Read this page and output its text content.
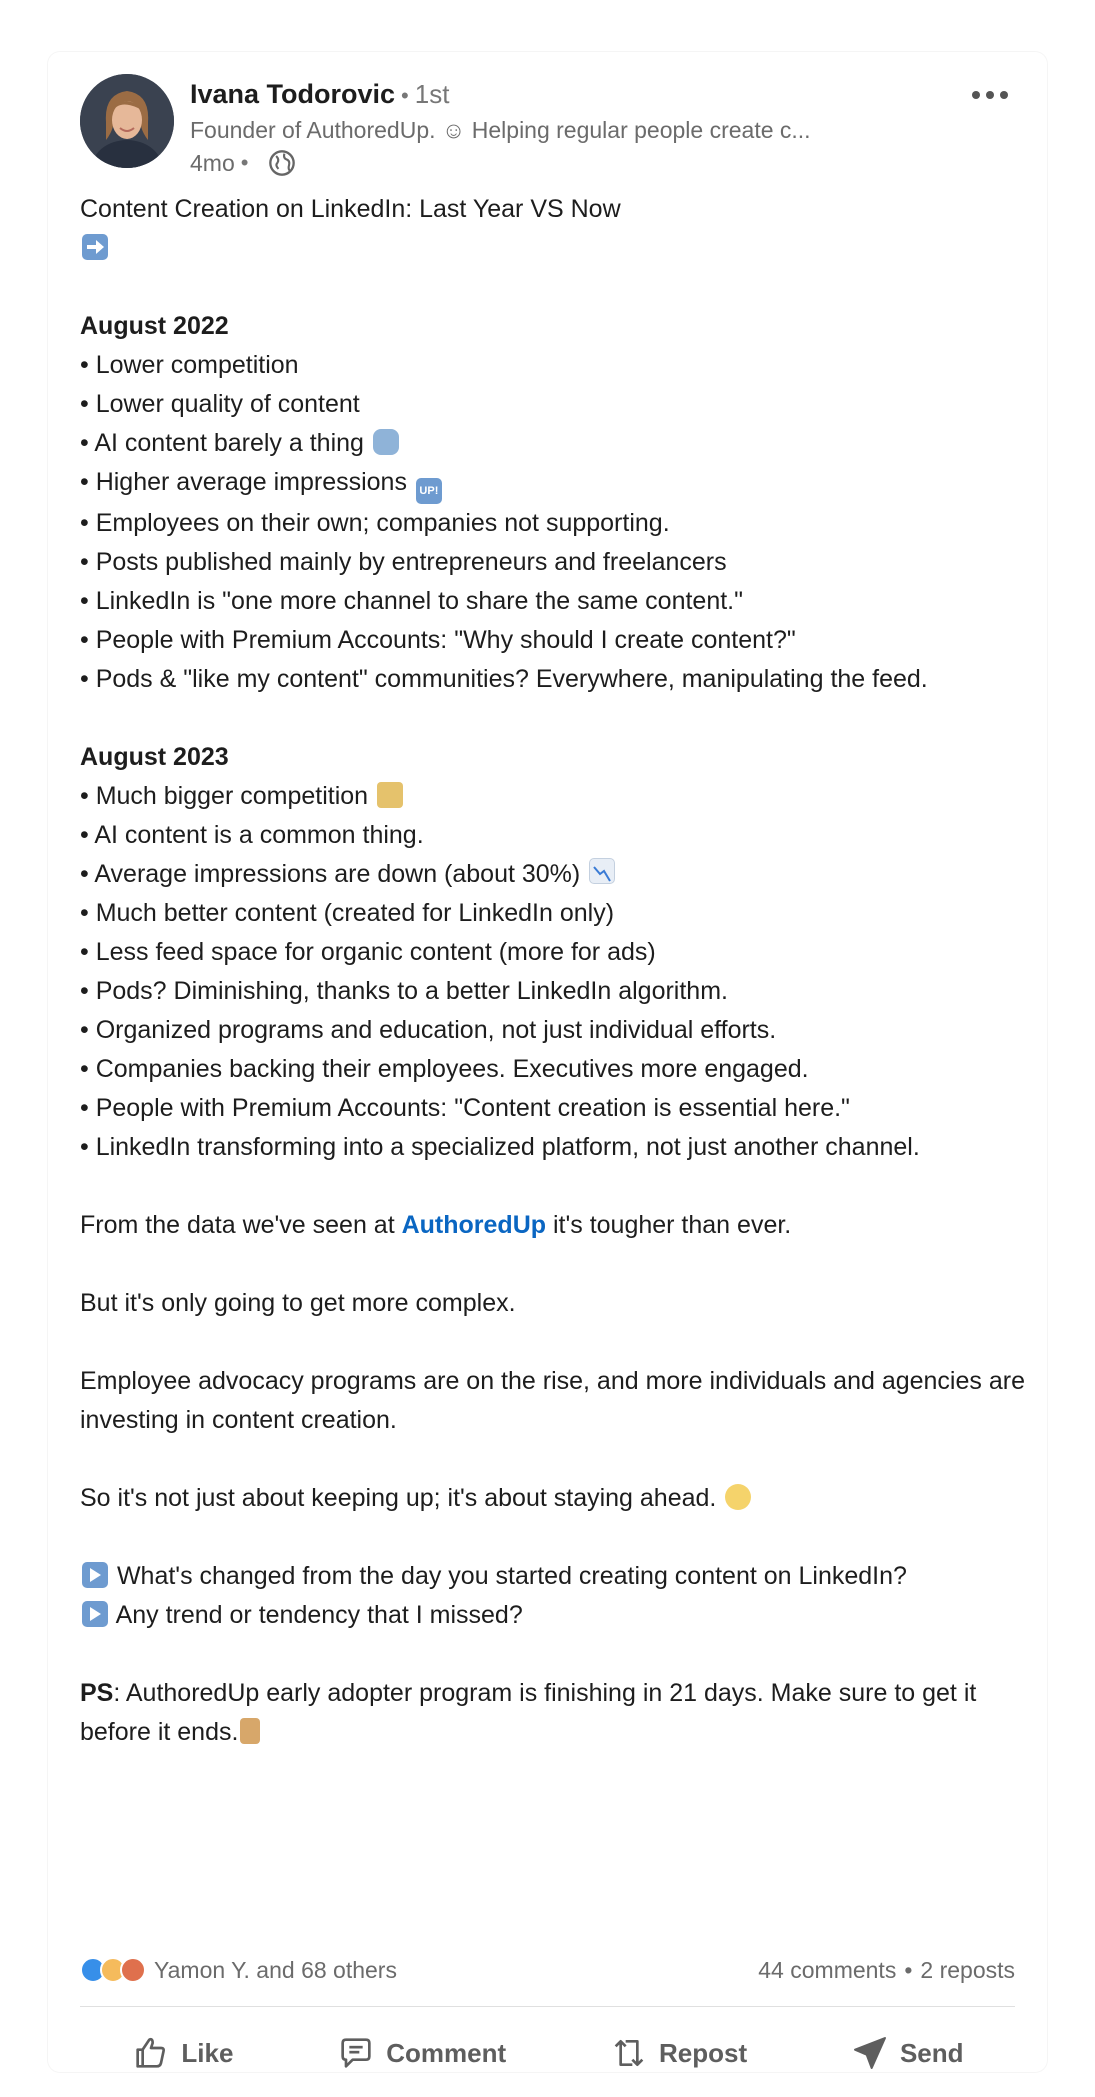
Ivana Todorovic • 1st
Founder of AuthoredUp. ☺ Helping regular people create c...
4mo •

Content Creation on LinkedIn: Last Year VS Now

August 2022

• Lower competition

• Lower quality of content

• AI content barely a thing

• Higher average impressions UP!

• Employees on their own; companies not supporting.

• Posts published mainly by entrepreneurs and freelancers

• LinkedIn is "one more channel to share the same content."

• People with Premium Accounts: "Why should I create content?"

• Pods & "like my content" communities? Everywhere, manipulating the feed.

August 2023

• Much bigger competition

• AI content is a common thing.

• Average impressions are down (about 30%)

• Much better content (created for LinkedIn only)

• Less feed space for organic content (more for ads)

• Pods? Diminishing, thanks to a better LinkedIn algorithm.

• Organized programs and education, not just individual efforts.

• Companies backing their employees. Executives more engaged.

• People with Premium Accounts: "Content creation is essential here."

• LinkedIn transforming into a specialized platform, not just another channel.

From the data we've seen at AuthoredUp it's tougher than ever.

But it's only going to get more complex.

Employee advocacy programs are on the rise, and more individuals and agencies are investing in content creation.

So it's not just about keeping up; it's about staying ahead.

What's changed from the day you started creating content on LinkedIn?

Any trend or tendency that I missed?

PS: AuthoredUp early adopter program is finishing in 21 days. Make sure to get it before it ends.

Yamon Y. and 68 others	44 comments • 2 reposts
Like	Comment	Repost	Send
